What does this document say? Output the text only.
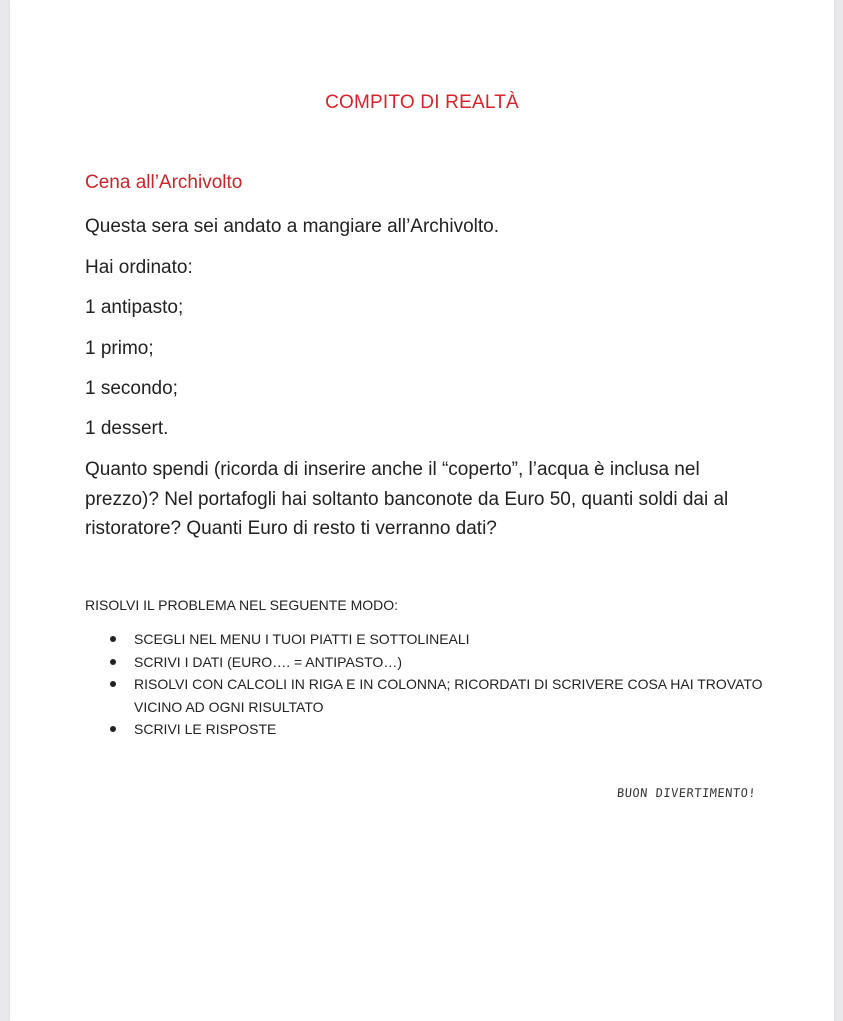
COMPITO DI REALTÀ
Cena all’Archivolto
Questa sera sei andato a mangiare all’Archivolto.
Hai ordinato:
1 antipasto;
1 primo;
1 secondo;
1 dessert.
Quanto spendi (ricorda di inserire anche il “coperto”, l’acqua è inclusa nel prezzo)? Nel portafogli hai soltanto banconote da Euro 50, quanti soldi dai al ristoratore? Quanti Euro di resto ti verranno dati?
RISOLVI IL PROBLEMA NEL SEGUENTE MODO:
SCEGLI NEL MENU I TUOI PIATTI E SOTTOLINEALI
SCRIVI I DATI (EURO…. = ANTIPASTO…)
RISOLVI CON CALCOLI IN RIGA E IN COLONNA; RICORDATI DI SCRIVERE COSA HAI TROVATO VICINO AD OGNI RISULTATO
SCRIVI LE RISPOSTE
BUON DIVERTIMENTO!
